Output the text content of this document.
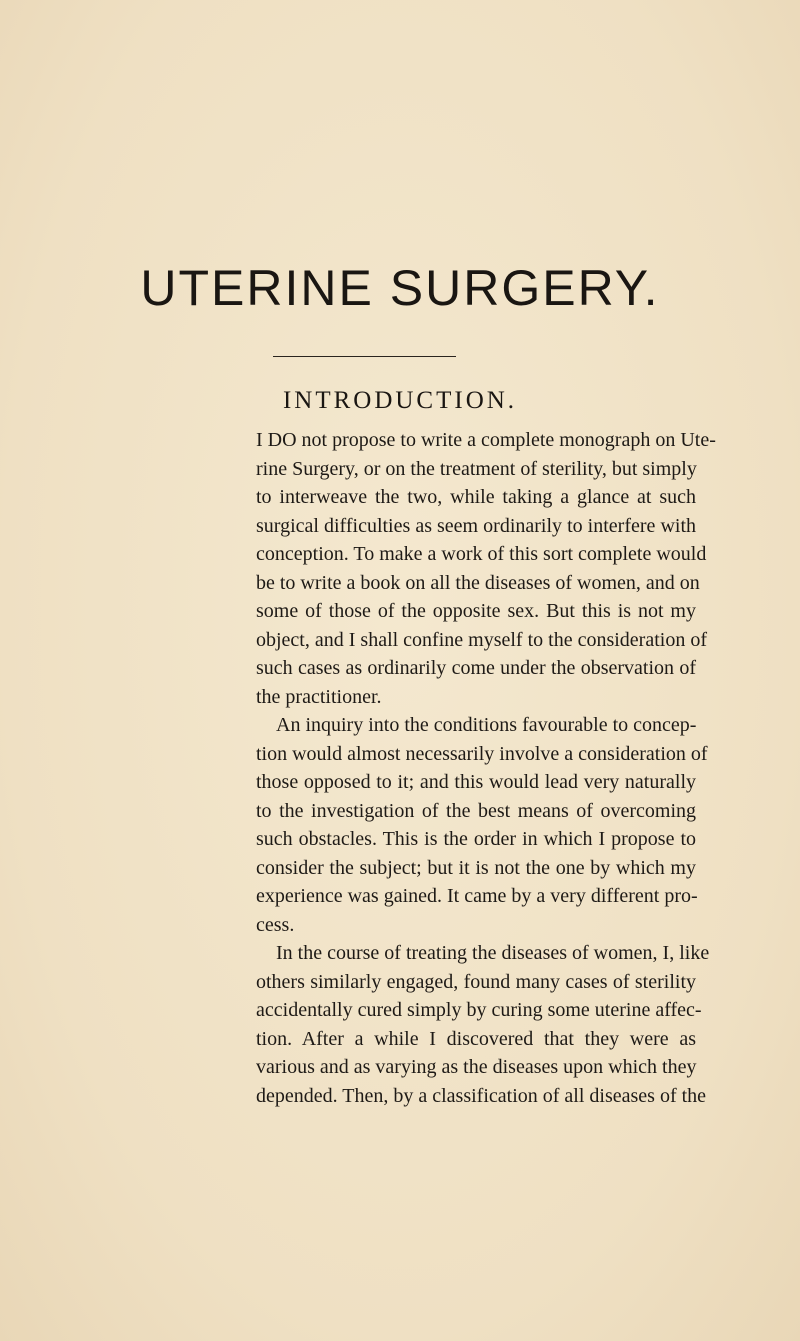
UTERINE SURGERY.
INTRODUCTION.
I DO not propose to write a complete monograph on Ute-
rine Surgery, or on the treatment of sterility, but simply
to interweave the two, while taking a glance at such
surgical difficulties as seem ordinarily to interfere with
conception. To make a work of this sort complete would
be to write a book on all the diseases of women, and on
some of those of the opposite sex. But this is not my
object, and I shall confine myself to the consideration of
such cases as ordinarily come under the observation of
the practitioner.
An inquiry into the conditions favourable to concep-
tion would almost necessarily involve a consideration of
those opposed to it; and this would lead very naturally
to the investigation of the best means of overcoming
such obstacles. This is the order in which I propose to
consider the subject; but it is not the one by which my
experience was gained. It came by a very different pro-
cess.
In the course of treating the diseases of women, I, like
others similarly engaged, found many cases of sterility
accidentally cured simply by curing some uterine affec-
tion. After a while I discovered that they were as
various and as varying as the diseases upon which they
depended. Then, by a classification of all diseases of the
